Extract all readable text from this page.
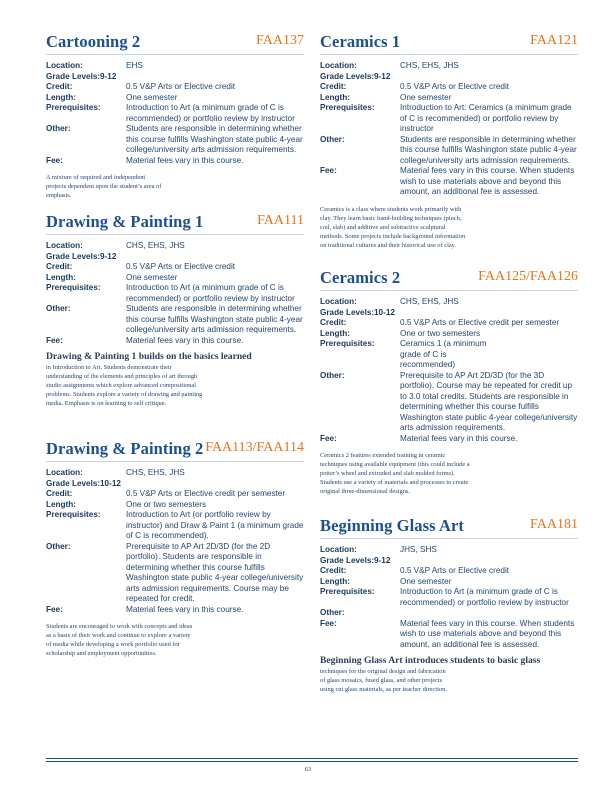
Cartooning 2	FAA137
Location:	EHS
Grade Levels: 9-12

Credit:	0.5 V&P Arts or Elective credit
Length:	One semester
Prerequisites:	Introduction to Art (a minimum grade of C is recommended) or portfolio review by instructor
Other:	Students are responsible in determining whether this course fulfills Washington state public 4-year college/university arts admission requirements.
Fee:	Material fees vary in this course.
A mixture of required and independent projects dependent upon the student’s area of emphasis.
Drawing & Painting 1	FAA111
Location:	CHS, EHS, JHS
Grade Levels: 9-12

Credit:	0.5 V&P Arts or Elective credit
Length:	One semester
Prerequisites:	Introduction to Art (a minimum grade of C is recommended) or portfolio review by instructor
Other:	Students are responsible in determining whether this course fulfills Washington state public 4-year college/university arts admission requirements.
Fee:	Material fees vary in this course.
Drawing & Painting 1 builds on the basics learned
in Introduction to Art. Students demonstrate their understanding of the elements and principles of art through studio assignments which explore advanced compositional problems. Students explore a variety of drawing and painting media. Emphasis is on learning to self critique.
Drawing & Painting 2 FAA113/FAA114
Location:	CHS, EHS, JHS
Grade Levels: 10-12

Credit:	0.5 V&P Arts or Elective credit per semester
Length:	One or two semesters
Prerequisites:	Introduction to Art (or portfolio review by instructor) and Draw & Paint 1 (a minimum grade of C is recommended).
Other:	Prerequisite to AP Art 2D/3D (for the 2D portfolio). Students are responsible in determining whether this course fulfills Washington state public 4-year college/university arts admission requirements. Course may be repeated for credit.
Fee:	Material fees vary in this course.
Students are encouraged to work with concepts and ideas as a basis of their work and continue to explore a variety of media while developing a work portfolio used for scholarship and employment opportunities.
Ceramics 1	FAA121
Location:	CHS, EHS, JHS
Grade Levels: 9-12

Credit:	0.5 V&P Arts or Elective credit
Length:	One semester
Prerequisites:	Introduction to Art: Ceramics (a minimum grade of C is recommended) or portfolio review by instructor
Other:	Students are responsible in determining whether this course fulfills Washington state public 4-year college/university arts admission requirements.
Fee:	Material fees vary in this course. When students wish to use materials above and beyond this amount, an additional fee is assessed.
Ceramics is a class where students work primarily with clay. They learn basic hand-building techniques (pinch, coil, slab) and additive and subtractive sculptural methods. Some projects include background information on traditional cultures and their historical use of clay.
Ceramics 2	FAA125/FAA126
Location:	CHS, EHS, JHS
Grade Levels: 10-12

Credit:	0.5 V&P Arts or Elective credit per semester
Length:	One or two semesters
Prerequisites:	Ceramics 1 (a minimum grade of C is recommended)
Other:	Prerequisite to AP Art 2D/3D (for the 3D portfolio). Course may be repeated for credit up to 3.0 total credits. Students are responsible in determining whether this course fulfills Washington state public 4-year college/university arts admission requirements.
Fee:	Material fees vary in this course.
Ceramics 2 features extended training in ceramic techniques using available equipment (this could include a potter’s wheel and extruded and slab molded forms). Students use a variety of materials and processes to create original three-dimensional designs.
Beginning Glass Art	FAA181
Location:	JHS, SHS
Grade Levels: 9-12

Credit:	0.5 V&P Arts or Elective credit
Length:	One semester
Prerequisites:	Introduction to Art (a minimum grade of C is recommended) or portfolio review by instructor
Other:

Fee:	Material fees vary in this course. When students wish to use materials above and beyond this amount, an additional fee is assessed.
Beginning Glass Art introduces students to basic glass
techniques for the original design and fabrication of glass mosaics, fused glass, and other projects using cut glass materials, as per teacher direction.
63
